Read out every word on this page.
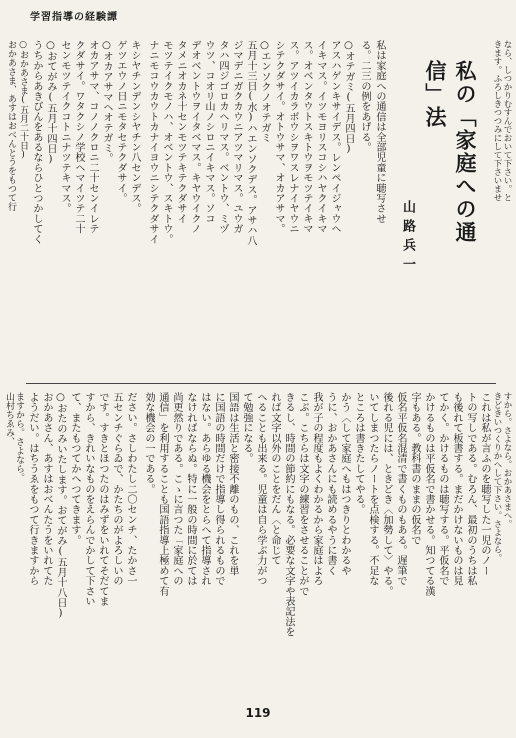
学習指導の経験譚
私の「家庭への通
信」法
山路兵一
私は家庭への通信は全部児童に聴写させ
る。二三の例をあげる。
○オテガミ(五月四日)
アスハゲンキサイデス。レンペイジャウヘ
イキマス。イツモヨリスコシハヤクイキマ
ス。オベンタウトスキトウヲモツテイキマ
ス。アツイカラボウシヲワスレナイヤウニ
シテクダサイ。オトウサマ、オカアサマ。
○エンソクノオテガミ
五月十三日(水)ハエンソクデス。アサハ八
ジマデニガクカウニアツマリマス。ユウガ
タハ四ジゴロカヘリマス。ベントウ、ミヅ
ウツ、コオリ山ノシロニイキマス。ソコ
デオベントウヲイタベマス。キヤウイクノ
タメニオカネ十センモツテキテクダサイ
モツテイクモノハ、オベントウ、スキトウ。
ナニモコウカウトカナイヨウニシテクダサイ
キシヤチンデンシヤチン八センデス。
ゲツエウノ日ニモタセテクダサイ。
○オカアサマヘオテガミ。
オカアサマ、コノノクロニ二十センイレテ
クダサイ。ワタクシノ学校ヘマイツテ二十
センモツテイクコトニナツテキマス。
○おてがみ(五月十四日)
うちからあきびんをあるならひとつかしてく
これは私が言ふのを聴写した一児のノー
トの写しである。むろん、最初のうちは私
も後れて板書する。まだかけないものは見
てかく。かけるものは聴写する。平仮名で
かけるものは平仮名で書かせる。知つてる漢
字もある。教科書のままの仮名で
仮名平仮名混清で書くものもある。遅筆で
後れる児には、ときどき〈加勢して〉やる。
いてしまつたらノートを点検する。不足な
ところは書きたしてやる。
かう〈して家庭へもはつきりとわかるや
うに、おかあさんにも読めるやうに書く
我が子の程度もよくわかるから家庭はよろ
こぶ。こちらは文字の練習をさせることがで
きるし、時間の節約にもなる。必要な文字や表記法を
れば文字以外のことをだん〈と命じて
へることも出来る。児童は自ら学ぶ力がつ
て勉強になる。
国語は生活と密接不離のもの、これを単
に国語の時間だけで指導し得られるもので
はない。あらゆる機会をとらへて指導され
なければならぬ。特に一般の時間に於ては
尚更然りである。こゝに言つた「家庭への
通信」を利用することも国語指導上極めて有
効な機会の一である。
ださい。さしわたし二〇センチ、たかさ一
五センチぐらゐで、かたちのがよろしいの
です。すきとほつたのはみずをいれてそだてま
すから、きれいなものをえらんでかして下さい
て、またもつてかへつてきます。
○おたのみいたします。おてがみ(五月十八日)
おかあさん、あすはおべんたうをいれてた
ようだい。はちうゑをもつて行きますから
ますから。さよなら。
山村ちゑみ、
○おかあさま(五月二十日)
おかあさま、あすはおべんとうをもつて行	きます。ふろしきつつみにして下さいませ なら、しつかりむすんでおいて下さい。と
きどきいつくりかへして下さい。さよなら。 すから。さよなら。おかあさまへ。
119
